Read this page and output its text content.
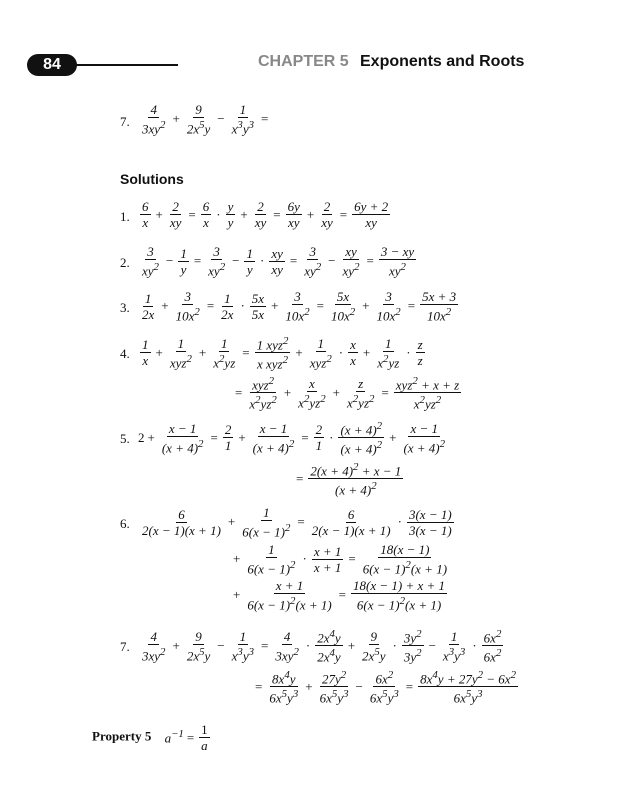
84	CHAPTER 5 Exponents and Roots
7. $\frac{4}{3xy^2} + \frac{9}{2x^5y} - \frac{1}{x^3y^3}$ =
Solutions
1. $\frac{6}{x} + \frac{2}{xy} = \frac{6}{x} \cdot \frac{y}{y} + \frac{2}{xy} = \frac{6y}{xy} + \frac{2}{xy} = \frac{6y + 2}{xy}$
2. $\frac{3}{xy^2} - \frac{1}{y} = \frac{3}{xy^2} - \frac{1}{y} \cdot \frac{xy}{xy} = \frac{3}{xy^2} - \frac{xy}{xy^2} = \frac{3 - xy}{xy^2}$
3. $\frac{1}{2x} + \frac{3}{10x^2} = \frac{1}{2x} \cdot \frac{5x}{5x} + \frac{3}{10x^2} = \frac{5x}{10x^2} + \frac{3}{10x^2} = \frac{5x + 3}{10x^2}$
4. $\frac{1}{x} + \frac{1}{xyz^2} + \frac{1}{x^2yz} = \frac{1 xyz^2}{x xyz^2} + \frac{1}{xyz^2} \cdot \frac{x}{x} + \frac{1}{x^2yz} \cdot \frac{z}{z}$
= $\frac{xyz^2}{x^2yz^2} + \frac{x}{x^2yz^2} + \frac{z}{x^2yz^2} = \frac{xyz^2 + x + z}{x^2yz^2}$
5. $2 + \frac{x - 1}{(x + 4)^2} = \frac{2}{1} + \frac{x - 1}{(x + 4)^2} = \frac{2}{1} \cdot \frac{(x + 4)^2}{(x + 4)^2} + \frac{x - 1}{(x + 4)^2}$
= $\frac{2(x + 4)^2 + x - 1}{(x + 4)^2}$
6. $\frac{6}{2(x - 1)(x + 1)} + \frac{1}{6(x - 1)^2} = \frac{6}{2(x - 1)(x + 1)} \cdot \frac{3(x - 1)}{3(x - 1)}$
+ $\frac{1}{6(x - 1)^2} \cdot \frac{x + 1}{x + 1} = \frac{18(x - 1)}{6(x - 1)^2(x + 1)}$
+ $\frac{x + 1}{6(x - 1)^2(x + 1)} = \frac{18(x - 1) + x + 1}{6(x - 1)^2(x + 1)}$
7. $\frac{4}{3xy^2} + \frac{9}{2x^5y} - \frac{1}{x^3y^3} = \frac{4}{3xy^2} \cdot \frac{2x^4y}{2x^4y} + \frac{9}{2x^5y} \cdot \frac{3y^2}{3y^2} - \frac{1}{x^3y^3} \cdot \frac{6x^2}{6x^2}$
= $\frac{8x^4y}{6x^5y^3} + \frac{27y^2}{6x^5y^3} - \frac{6x^2}{6x^5y^3} = \frac{8x^4y + 27y^2 - 6x^2}{6x^5y^3}$
Property 5 $a^{-1} = \frac{1}{a}$
